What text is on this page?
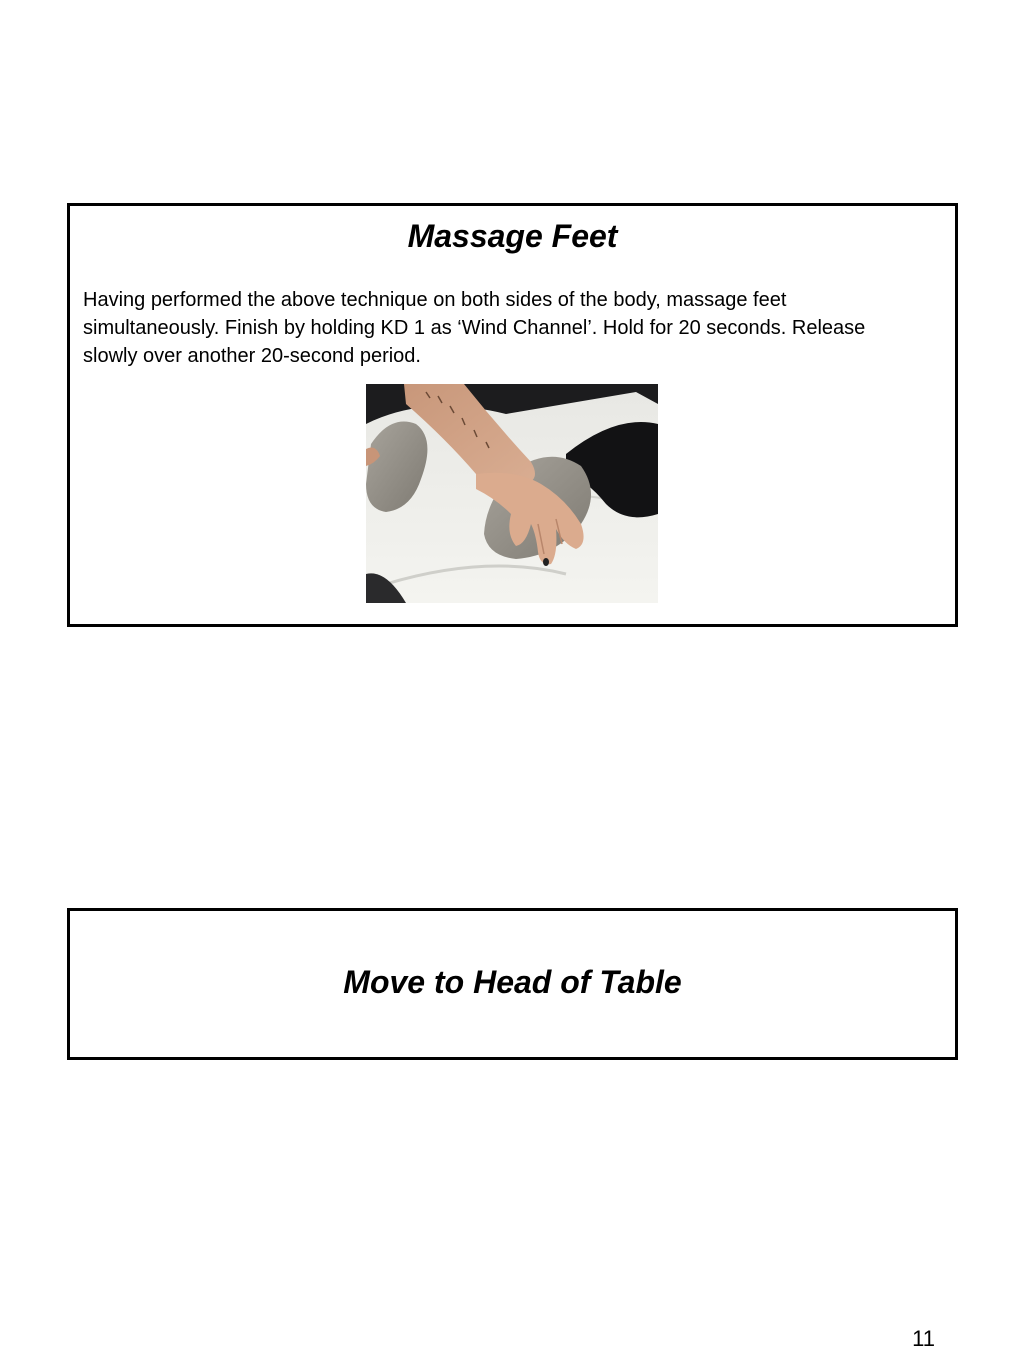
Massage Feet

Having performed the above technique on both sides of the body, massage feet simultaneously. Finish by holding KD 1 as ‘Wind Channel’. Hold for 20 seconds. Release slowly over another 20-second period.

Move to Head of Table
11
